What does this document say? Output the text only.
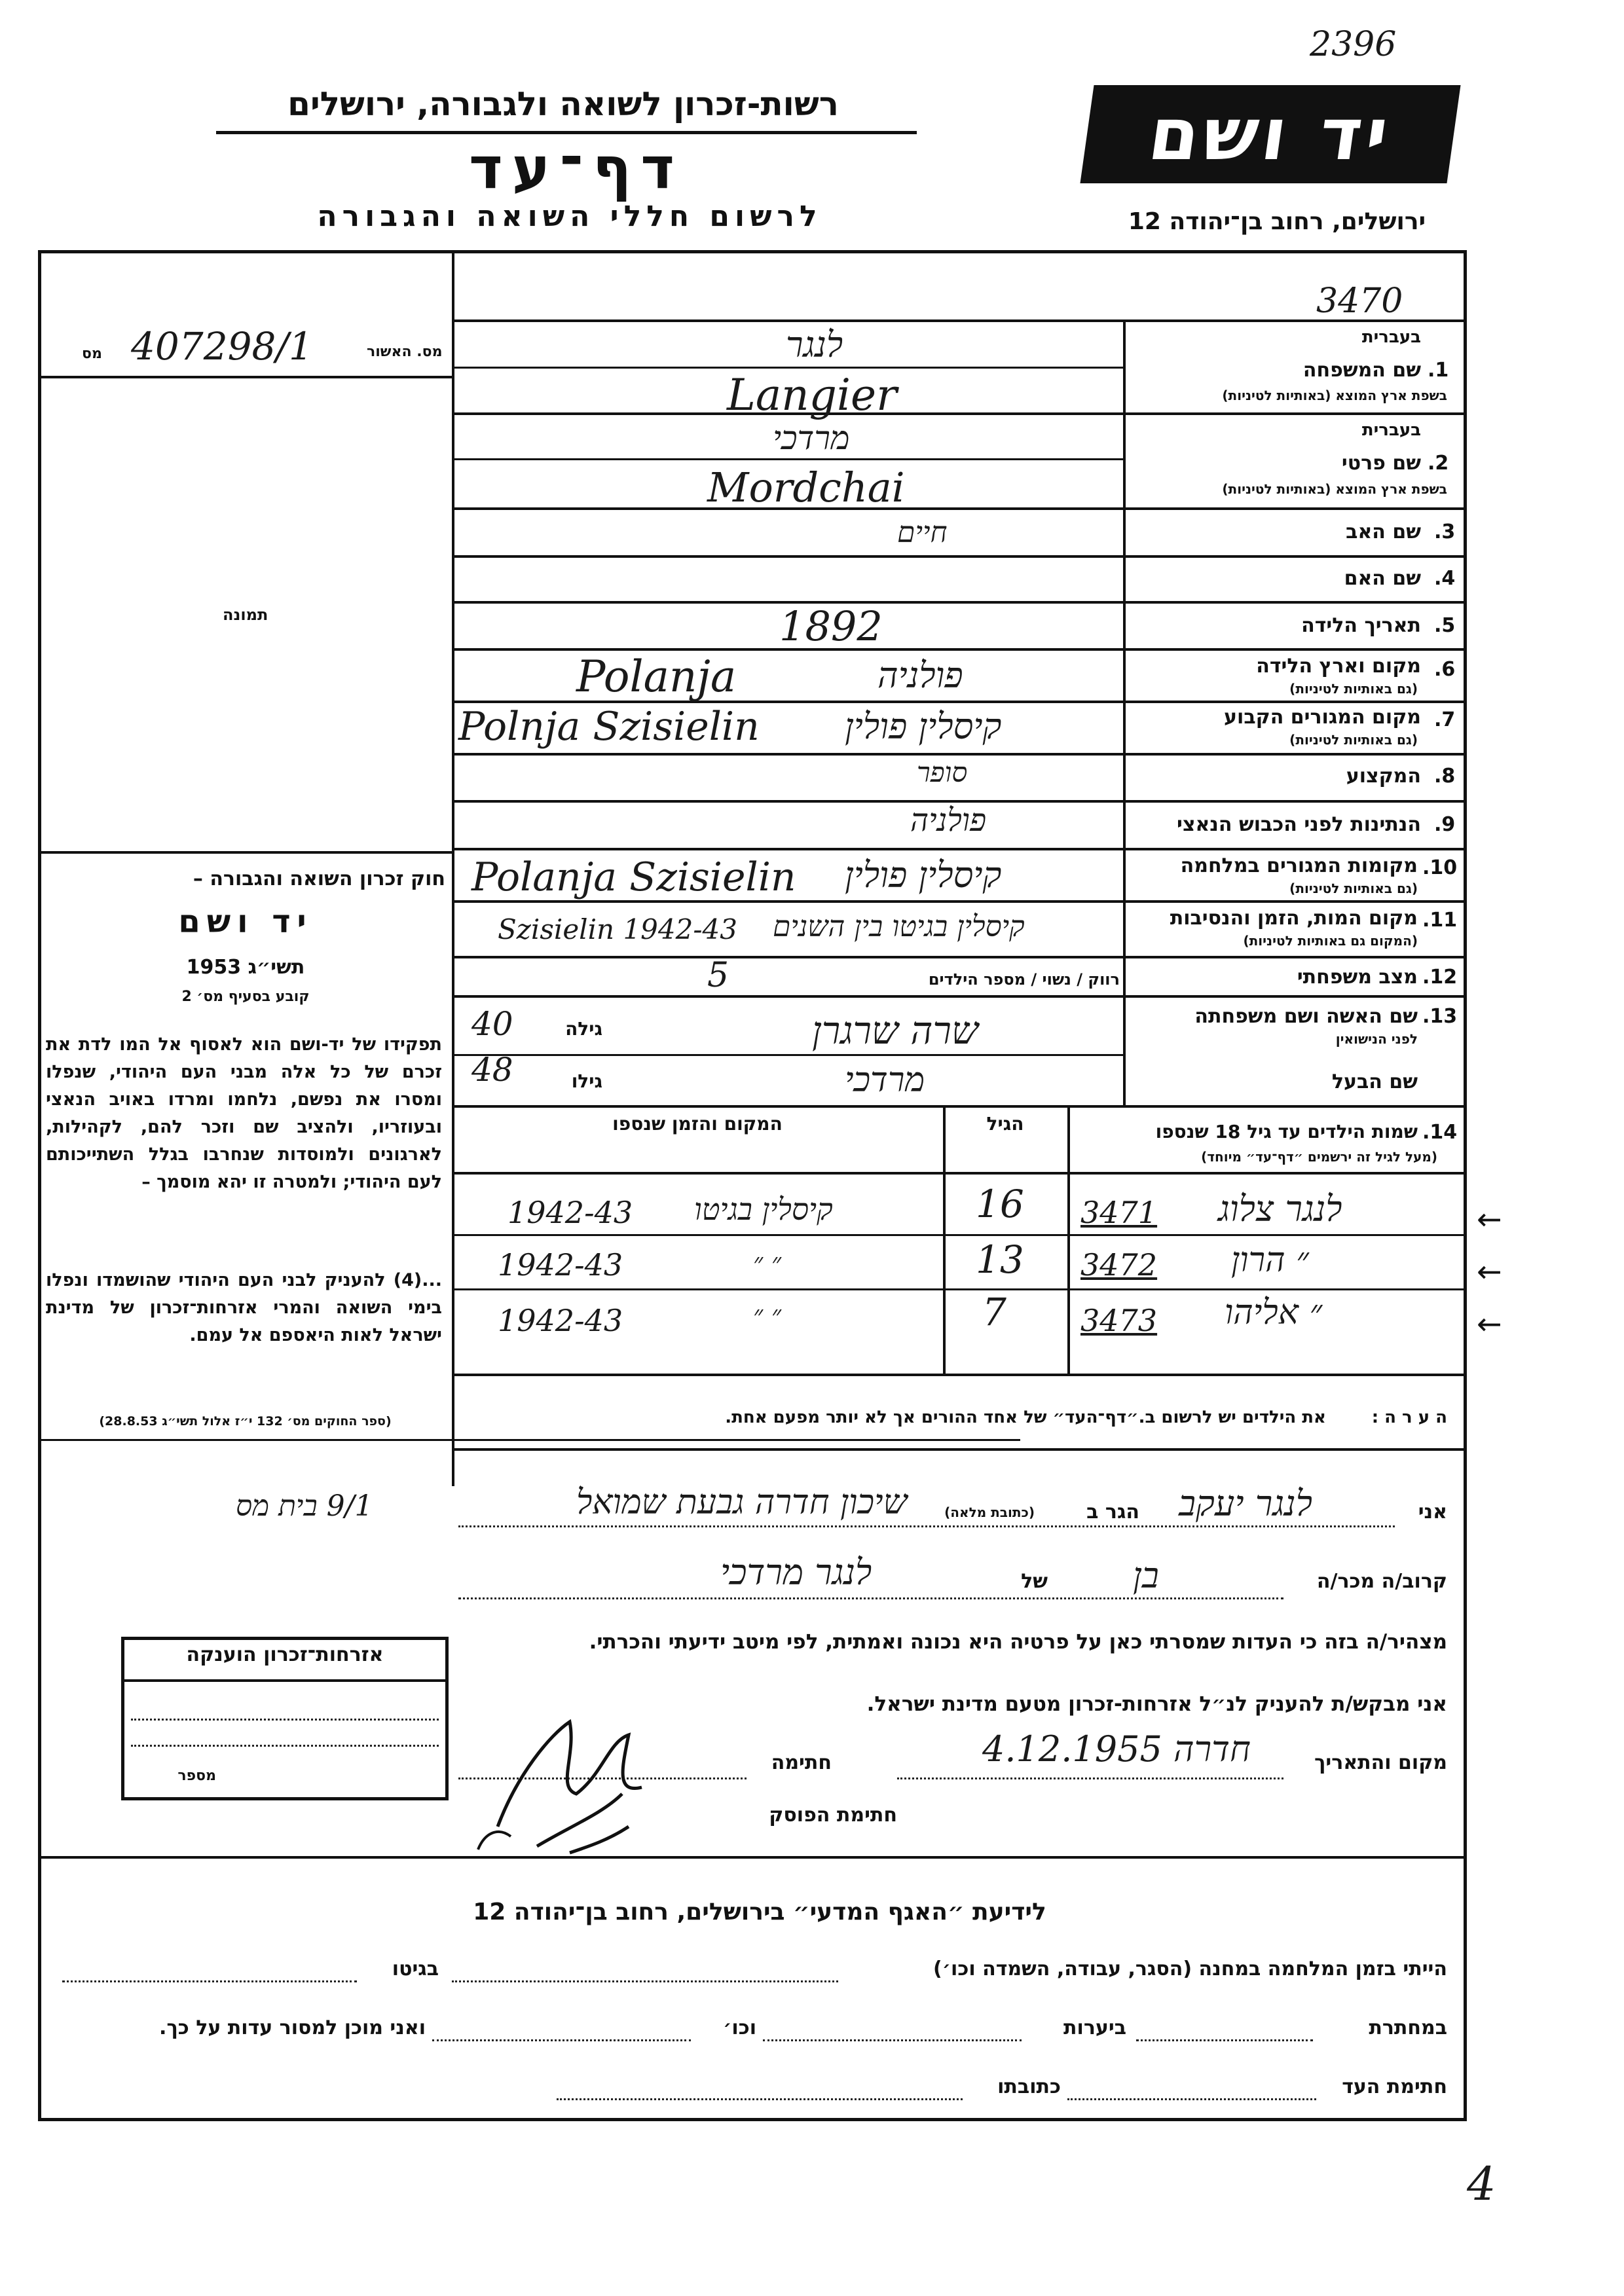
2396
4
רשות-זכרון לשואה ולגבורה, ירושלים
דף־עד
לרשום חללי השואה והגבורה
יד ושם
ירושלים, רחוב בן־יהודה 12
3470
מס. האשור
407298/1
מס
תמונה
חוק זכרון השואה והגבורה –
יד ושם
תשי״ג 1953
קובע בסעיף מס׳ 2
תפקידו של יד-ושם הוא לאסוף אל המו לדת את זכרם של כל אלה מבני העם היהודי, שנפלו ומסרו את נפשם, נלחמו ומרדו באויב הנאצי ובעוזריו, ולהציב שם וזכר להם, לקהילות, לארגונים ולמוסדות שנחרבו בגלל השתייכותם לעם היהודי; ולמטרה זו יהא מוסמך –
...(4) להעניק לבני העם היהודי שהושמדו ונפלו בימי השואה והמרי אזרחות־זכרון של מדינת ישראל לאות היאספם אל עמם.
(ספר החוקים מס׳ 132 י״ז אלול תשי״ג 28.8.53)
1.
שם המשפחה
בעברית
בשפת ארץ המוצא (באותיות לטיניות)
לנגר
Langier
2.
שם פרטי
בעברית
בשפת ארץ המוצא (באותיות לטיניות)
מרדכי
Mordchai
3.
שם האב
חיים
4.
שם האם
5.
תאריך הלידה
1892
6.
מקום וארץ הלידה
(גם באותיות לטיניות)
Polanja	פולניה
7.
מקום המגורים הקבוע
(גם באותיות לטיניות)
Polnja Szisielin קיסלין פולין
8.
המקצוע
סופר
9.
הנתינות לפני הכבוש הנאצי
פולניה
10.
מקומות המגורים במלחמה
(גם באותיות לטיניות)
Polanja Szisielin קיסלין פולין
11.
מקום המות, הזמן והנסיבות
(המקום גם באותיות לטיניות)
קיסלין בגיטו בין השנים
Szisielin 1942-43
12.
מצב משפחתי
רווק / נשוי / מספר הילדים
5
13.
שם האשה ושם משפחתה
לפני הנישואין
שרה שרגרן
גילה
40
שם הבעל
מרדכי
גילו
48
14.
שמות הילדים עד גיל 18 שנספו
(מעל לגיל זה ירשמים ״דף־עד״ מיוחד)
הגיל
המקום והזמן שנספו
לנגר צלוג
3471
16
קיסלין בגיטו
1942-43
״ הרון
3472
13
״ ״
1942-43
״ אליהו
3473
7
״ ״
1942-43
←
←
←
ה ע ר ה :
את הילדים יש לרשום ב.״דף־העד״ של אחד ההורים אך לא יותר מפעם אחת.
אני
לנגר יעקב
הגר ב
(כתובת מלאה)
שיכון חדרה גבעת שמואל
9/1 בית מס
קרוב/ה מכר/ה
בן
של
לנגר מרדכי
מצהיר/ה בזה כי העדות שמסרתי כאן על פרטיה היא נכונה ואמתית, לפי מיטב ידיעתי והכרתי.
אני מבקש/ת להעניק לנ״ל אזרחות-זכרון מטעם מדינת ישראל.
מקום והתאריך
4.12.1955 חדרה
חתימה
חתימת הפוסק
אזרחות־זכרון הוענקה
מספר
לידיעת ״האגף המדעי״ בירושלים, רחוב בן־יהודה 12
הייתי בזמן המלחמה במחנה (הסגר, עבודה, השמדה וכו׳)
בגיטו
במחתרת
ביערות
וכו׳
ואני מוכן למסור עדות על כך.
חתימת העד
כתובתו
